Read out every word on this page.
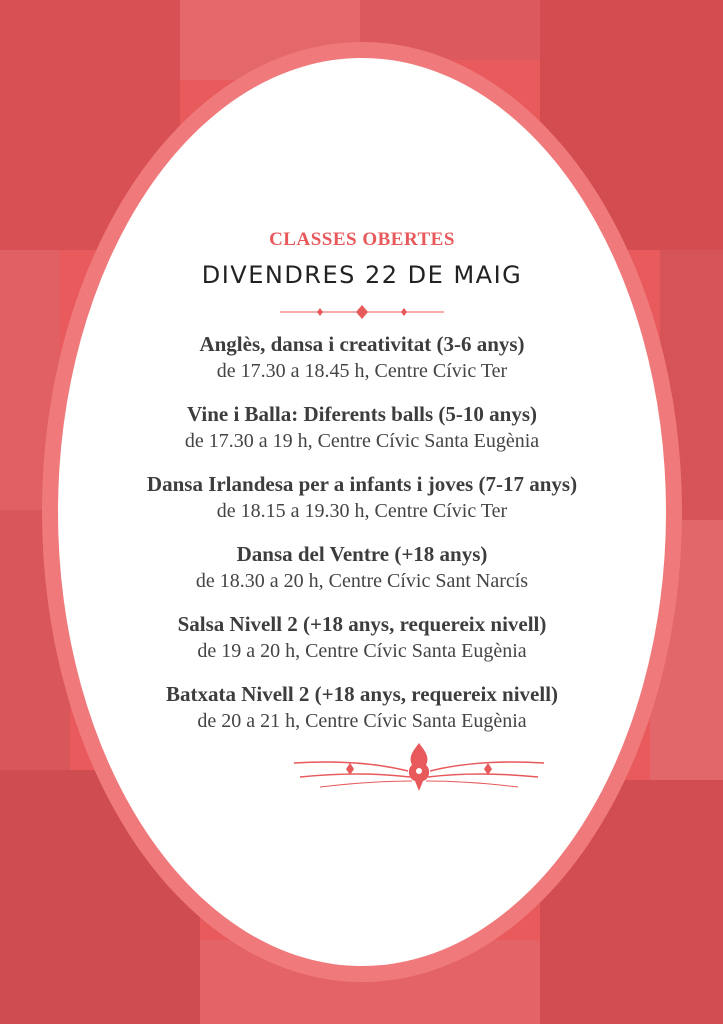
CLASSES OBERTES
DIVENDRES 22 DE MAIG
Anglès, dansa i creativitat (3-6 anys)
de 17.30 a 18.45 h, Centre Cívic Ter
Vine i Balla: Diferents balls (5-10 anys)
de 17.30 a 19 h, Centre Cívic Santa Eugènia
Dansa Irlandesa per a infants i joves (7-17 anys)
de 18.15 a 19.30 h, Centre Cívic Ter
Dansa del Ventre (+18 anys)
de 18.30 a 20 h, Centre Cívic Sant Narcís
Salsa Nivell 2 (+18 anys, requereix nivell)
de 19 a 20 h, Centre Cívic Santa Eugènia
Batxata Nivell 2 (+18 anys, requereix nivell)
de 20 a 21 h, Centre Cívic Santa Eugènia
